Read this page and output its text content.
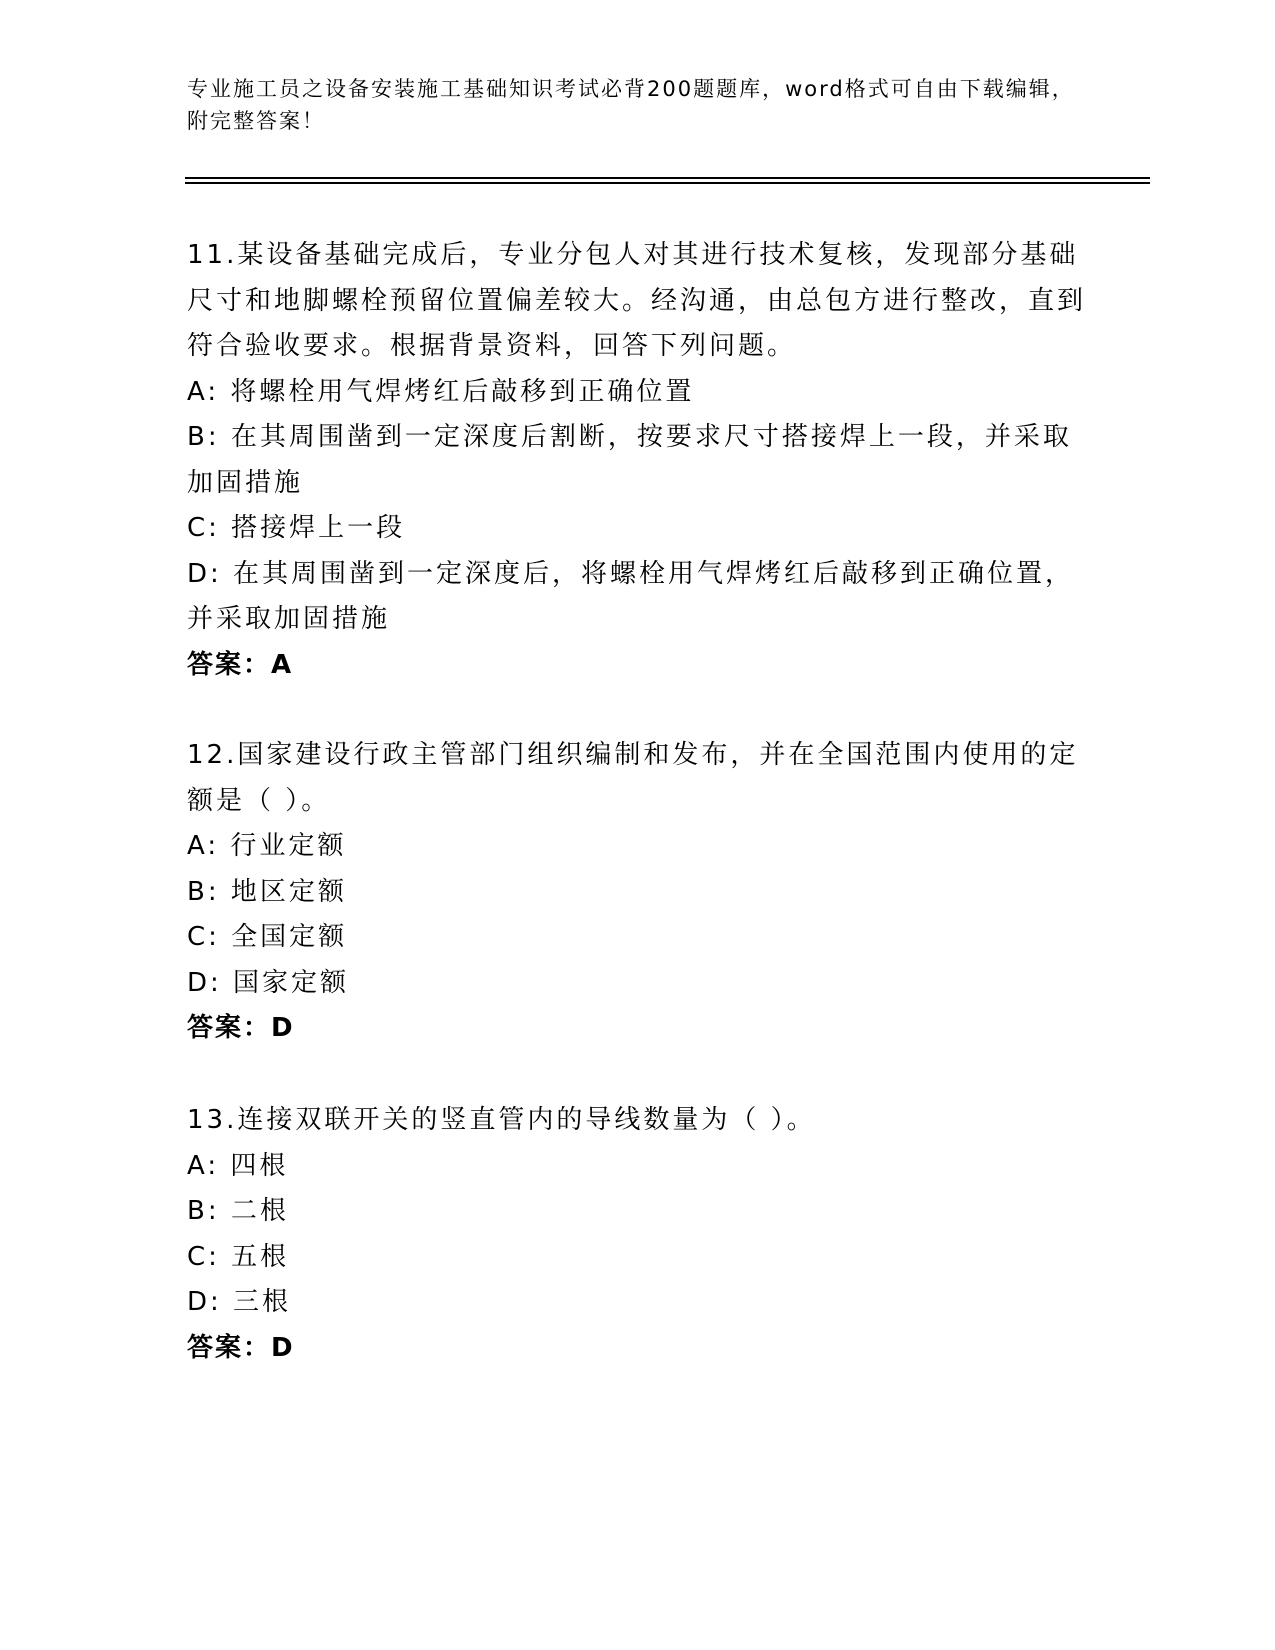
专业施工员之设备安装施工基础知识考试必背200题题库，word格式可自由下载编辑，附完整答案！
11.某设备基础完成后，专业分包人对其进行技术复核，发现部分基础尺寸和地脚螺栓预留位置偏差较大。经沟通，由总包方进行整改，直到符合验收要求。根据背景资料，回答下列问题。
A: 将螺栓用气焊烤红后敲移到正确位置
B: 在其周围凿到一定深度后割断，按要求尺寸搭接焊上一段，并采取加固措施
C: 搭接焊上一段
D: 在其周围凿到一定深度后，将螺栓用气焊烤红后敲移到正确位置，并采取加固措施
答案：A
12.国家建设行政主管部门组织编制和发布，并在全国范围内使用的定额是（ ）。
A: 行业定额
B: 地区定额
C: 全国定额
D: 国家定额
答案：D
13.连接双联开关的竖直管内的导线数量为（ ）。
A: 四根
B: 二根
C: 五根
D: 三根
答案：D
